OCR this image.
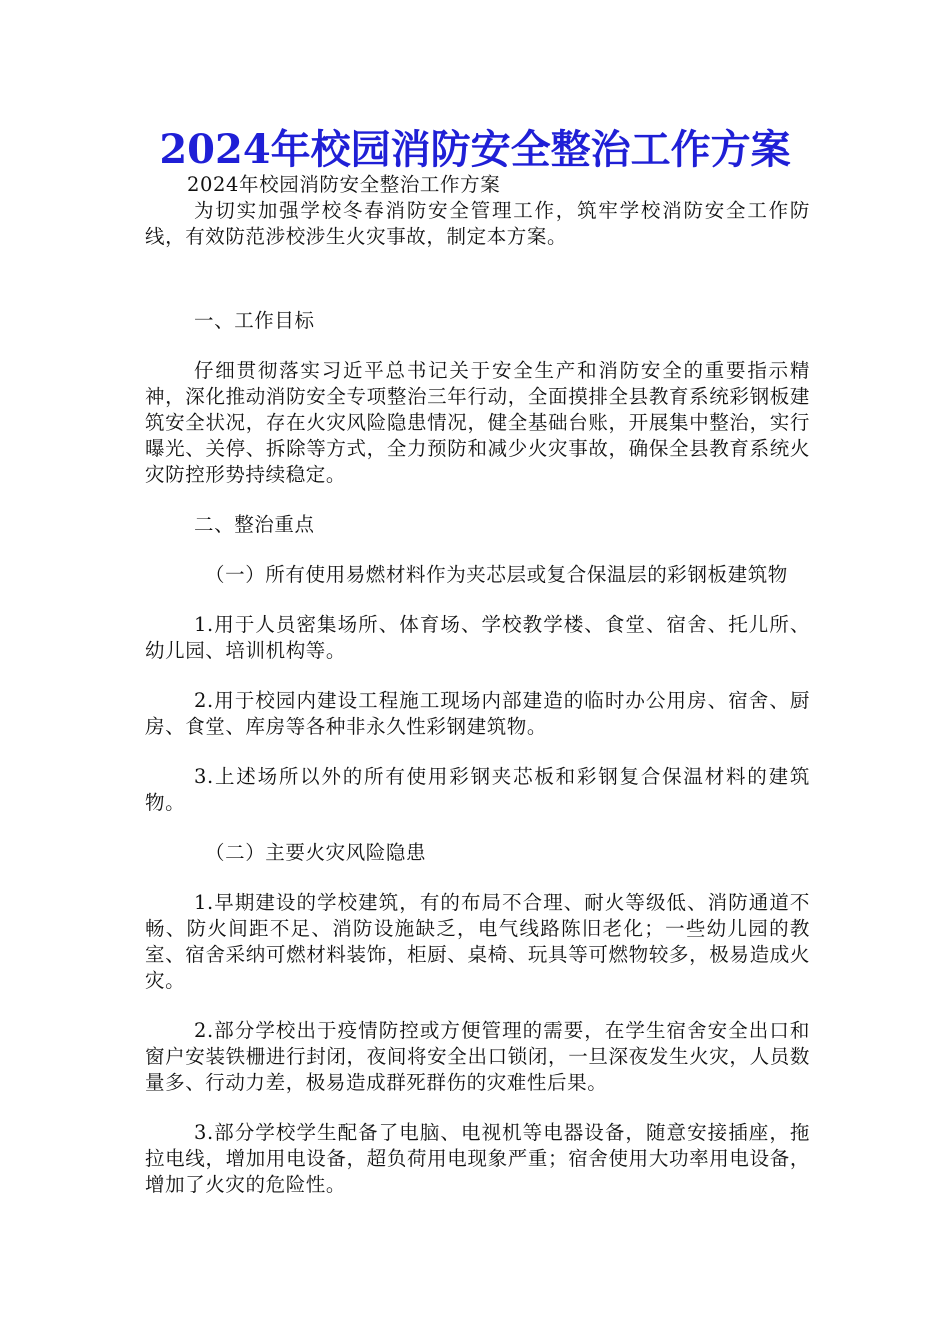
2024年校园消防安全整治工作方案

2024年校园消防安全整治工作方案

为切实加强学校冬春消防安全管理工作，筑牢学校消防安全工作防线，有效防范涉校涉生火灾事故，制定本方案。

一、工作目标

仔细贯彻落实习近平总书记关于安全生产和消防安全的重要指示精神，深化推动消防安全专项整治三年行动，全面摸排全县教育系统彩钢板建筑安全状况，存在火灾风险隐患情况，健全基础台账，开展集中整治，实行曝光、关停、拆除等方式，全力预防和减少火灾事故，确保全县教育系统火灾防控形势持续稳定。

二、整治重点

（一）所有使用易燃材料作为夹芯层或复合保温层的彩钢板建筑物

1.用于人员密集场所、体育场、学校教学楼、食堂、宿舍、托儿所、幼儿园、培训机构等。

2.用于校园内建设工程施工现场内部建造的临时办公用房、宿舍、厨房、食堂、库房等各种非永久性彩钢建筑物。

3.上述场所以外的所有使用彩钢夹芯板和彩钢复合保温材料的建筑物。

（二）主要火灾风险隐患

1.早期建设的学校建筑，有的布局不合理、耐火等级低、消防通道不畅、防火间距不足、消防设施缺乏，电气线路陈旧老化；一些幼儿园的教室、宿舍采纳可燃材料装饰，柜厨、桌椅、玩具等可燃物较多，极易造成火灾。

2.部分学校出于疫情防控或方便管理的需要，在学生宿舍安全出口和窗户安装铁栅进行封闭，夜间将安全出口锁闭，一旦深夜发生火灾，人员数量多、行动力差，极易造成群死群伤的灾难性后果。

3.部分学校学生配备了电脑、电视机等电器设备，随意安接插座，拖拉电线，增加用电设备，超负荷用电现象严重；宿舍使用大功率用电设备，增加了火灾的危险性。
